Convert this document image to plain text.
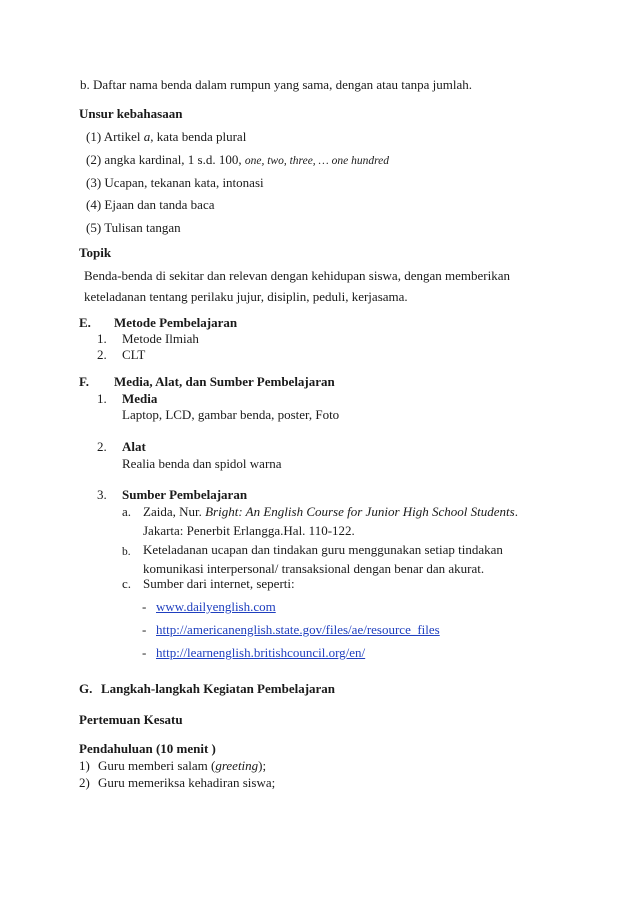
b. Daftar nama benda dalam rumpun yang sama, dengan atau tanpa jumlah.
Unsur kebahasaan
(1) Artikel a, kata benda plural
(2) angka kardinal, 1 s.d. 100, one, two, three, … one hundred
(3) Ucapan, tekanan kata, intonasi
(4) Ejaan dan tanda baca
(5) Tulisan tangan
Topik
Benda-benda di sekitar dan relevan dengan kehidupan siswa, dengan memberikan
keteladanan tentang perilaku jujur, disiplin, peduli, kerjasama.
E. Metode Pembelajaran
1. Metode Ilmiah
2. CLT
F. Media, Alat, dan Sumber Pembelajaran
1. Media
Laptop, LCD, gambar benda, poster, Foto
2. Alat
Realia benda dan spidol warna
3. Sumber Pembelajaran
a. Zaida, Nur. Bright: An English Course for Junior High School Students.
Jakarta: Penerbit Erlangga.Hal. 110-122.
b. Keteladanan ucapan dan tindakan guru menggunakan setiap tindakan
komunikasi interpersonal/ transaksional dengan benar dan akurat.
c. Sumber dari internet, seperti:
- www.dailyenglish.com
- http://americanenglish.state.gov/files/ae/resource_files
- http://learnenglish.britishcouncil.org/en/
G. Langkah-langkah Kegiatan Pembelajaran
Pertemuan Kesatu
Pendahuluan (10 menit )
1) Guru memberi salam (greeting);
2) Guru memeriksa kehadiran siswa;
